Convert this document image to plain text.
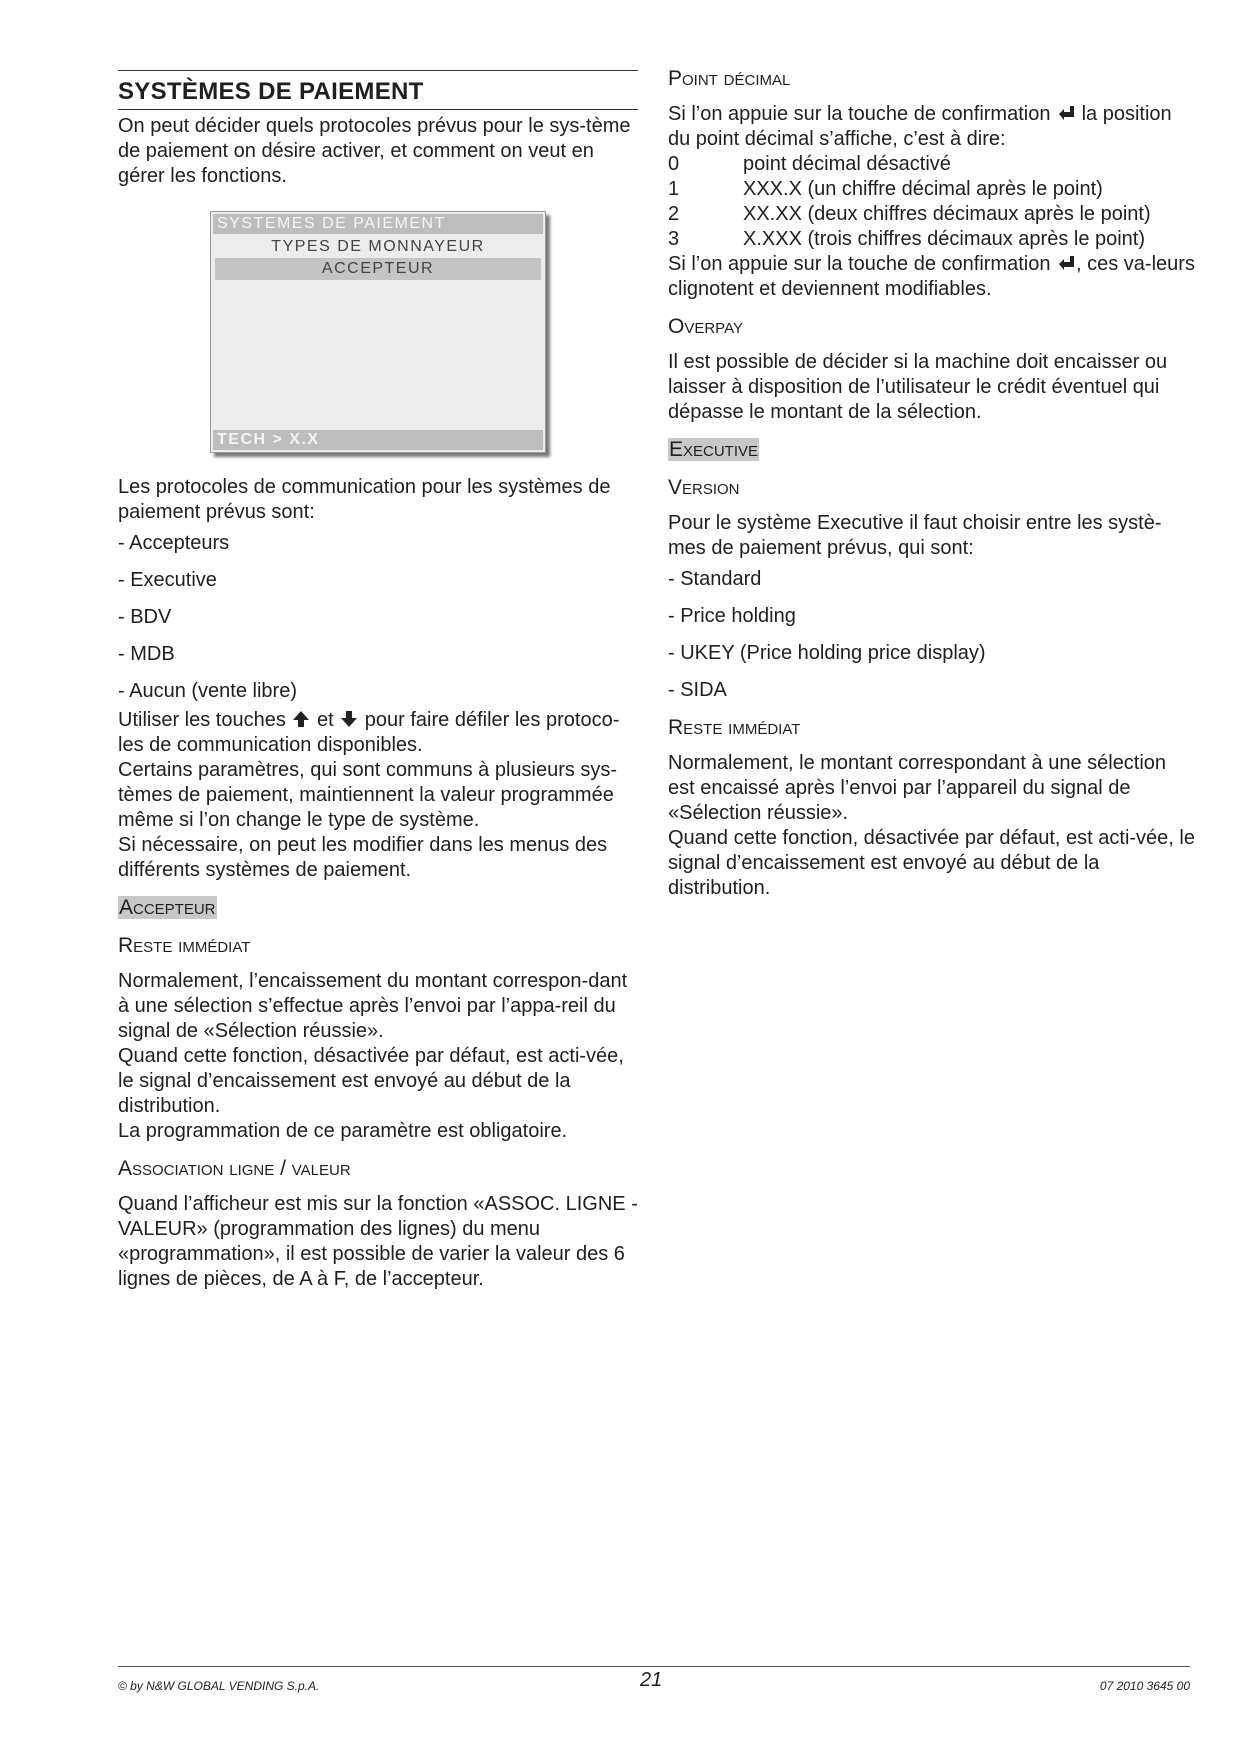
SYSTÈMES DE PAIEMENT

On peut décider quels protocoles prévus pour le sys-tème de paiement on désire activer, et comment on veut en gérer les fonctions.

SYSTEMES DE PAIEMENT
TYPES DE MONNAYEUR
ACCEPTEUR
TECH > X.X

Les protocoles de communication pour les systèmes de paiement prévus sont:

- Accepteurs
- Executive
- BDV
- MDB
- Aucun (vente libre)

Utiliser les touches et pour faire défiler les protoco-les de communication disponibles.

Certains paramètres, qui sont communs à plusieurs sys-tèmes de paiement, maintiennent la valeur programmée même si l’on change le type de système.

Si nécessaire, on peut les modifier dans les menus des différents systèmes de paiement.

Accepteur
Reste immédiat

Normalement, l’encaissement du montant correspon-dant à une sélection s’effectue après l’envoi par l’appa-reil du signal de «Sélection réussie».

Quand cette fonction, désactivée par défaut, est acti-vée, le signal d’encaissement est envoyé au début de la distribution.

La programmation de ce paramètre est obligatoire.

Association ligne / valeur

Quand l’afficheur est mis sur la fonction «ASSOC. LIGNE - VALEUR» (programmation des lignes) du menu «programmation», il est possible de varier la valeur des 6 lignes de pièces, de A à F, de l’accepteur.

Point décimal

Si l’on appuie sur la touche de confirmation la position du point décimal s’affiche, c’est à dire:

0	point décimal désactivé
1	XXX.X (un chiffre décimal après le point)
2	XX.XX (deux chiffres décimaux après le point)
3	X.XXX (trois chiffres décimaux après le point)

Si l’on appuie sur la touche de confirmation , ces va-leurs clignotent et deviennent modifiables.

Overpay

Il est possible de décider si la machine doit encaisser ou laisser à disposition de l’utilisateur le crédit éventuel qui dépasse le montant de la sélection.

Executive
Version

Pour le système Executive il faut choisir entre les systè-mes de paiement prévus, qui sont:

- Standard
- Price holding
- UKEY (Price holding price display)
- SIDA
Reste immédiat

Normalement, le montant correspondant à une sélection est encaissé après l’envoi par l’appareil du signal de «Sélection réussie».

Quand cette fonction, désactivée par défaut, est acti-vée, le signal d’encaissement est envoyé au début de la distribution.

© by N&W GLOBAL VENDING S.p.A.	21	07 2010 3645 00
